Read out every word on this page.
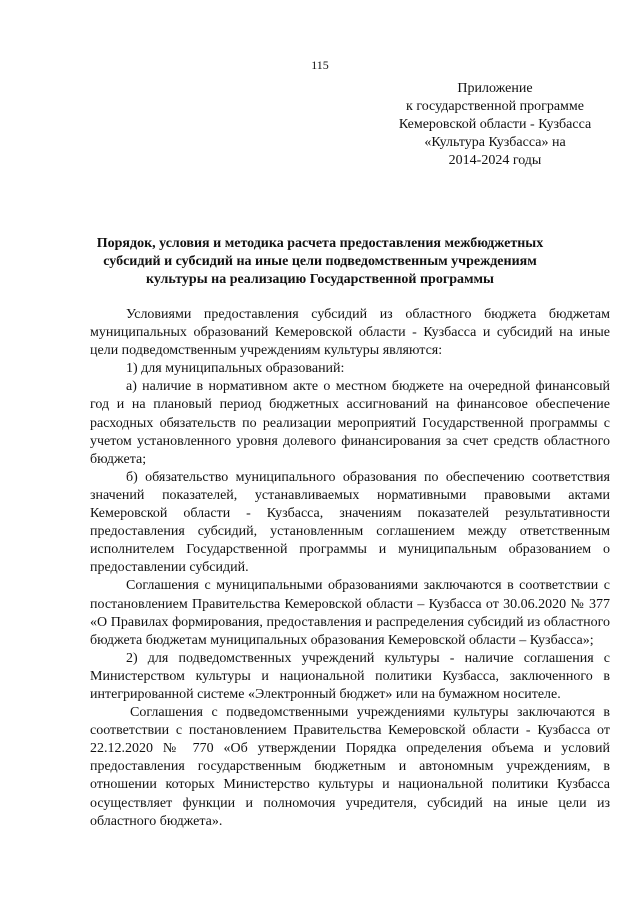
115
Приложение
к государственной программе
Кемеровской области - Кузбасса
«Культура Кузбасса» на
2014-2024 годы
Порядок, условия и методика расчета предоставления межбюджетных
субсидий и субсидий на иные цели подведомственным учреждениям
культуры на реализацию Государственной программы

Условиями предоставления субсидий из областного бюджета бюджетам муниципальных образований Кемеровской области - Кузбасса и субсидий на иные цели подведомственным учреждениям культуры являются:

1) для муниципальных образований:

а) наличие в нормативном акте о местном бюджете на очередной финансовый год и на плановый период бюджетных ассигнований на финансовое обеспечение расходных обязательств по реализации мероприятий Государственной программы с учетом установленного уровня долевого финансирования за счет средств областного бюджета;

б) обязательство муниципального образования по обеспечению соответствия значений показателей, устанавливаемых нормативными правовыми актами Кемеровской области - Кузбасса, значениям показателей результативности предоставления субсидий, установленным соглашением между ответственным исполнителем Государственной программы и муниципальным образованием о предоставлении субсидий.

Соглашения с муниципальными образованиями заключаются в соответствии с постановлением Правительства Кемеровской области – Кузбасса от 30.06.2020 № 377 «О Правилах формирования, предоставления и распределения субсидий из областного бюджета бюджетам муниципальных образования Кемеровской области – Кузбасса»;

2) для подведомственных учреждений культуры - наличие соглашения с Министерством культуры и национальной политики Кузбасса, заключенного в интегрированной системе «Электронный бюджет» или на бумажном носителе.

Соглашения с подведомственными учреждениями культуры заключаются в соответствии с постановлением Правительства Кемеровской области - Кузбасса от 22.12.2020 № 770 «Об утверждении Порядка определения объема и условий предоставления государственным бюджетным и автономным учреждениям, в отношении которых Министерство культуры и национальной политики Кузбасса осуществляет функции и полномочия учредителя, субсидий на иные цели из областного бюджета».
